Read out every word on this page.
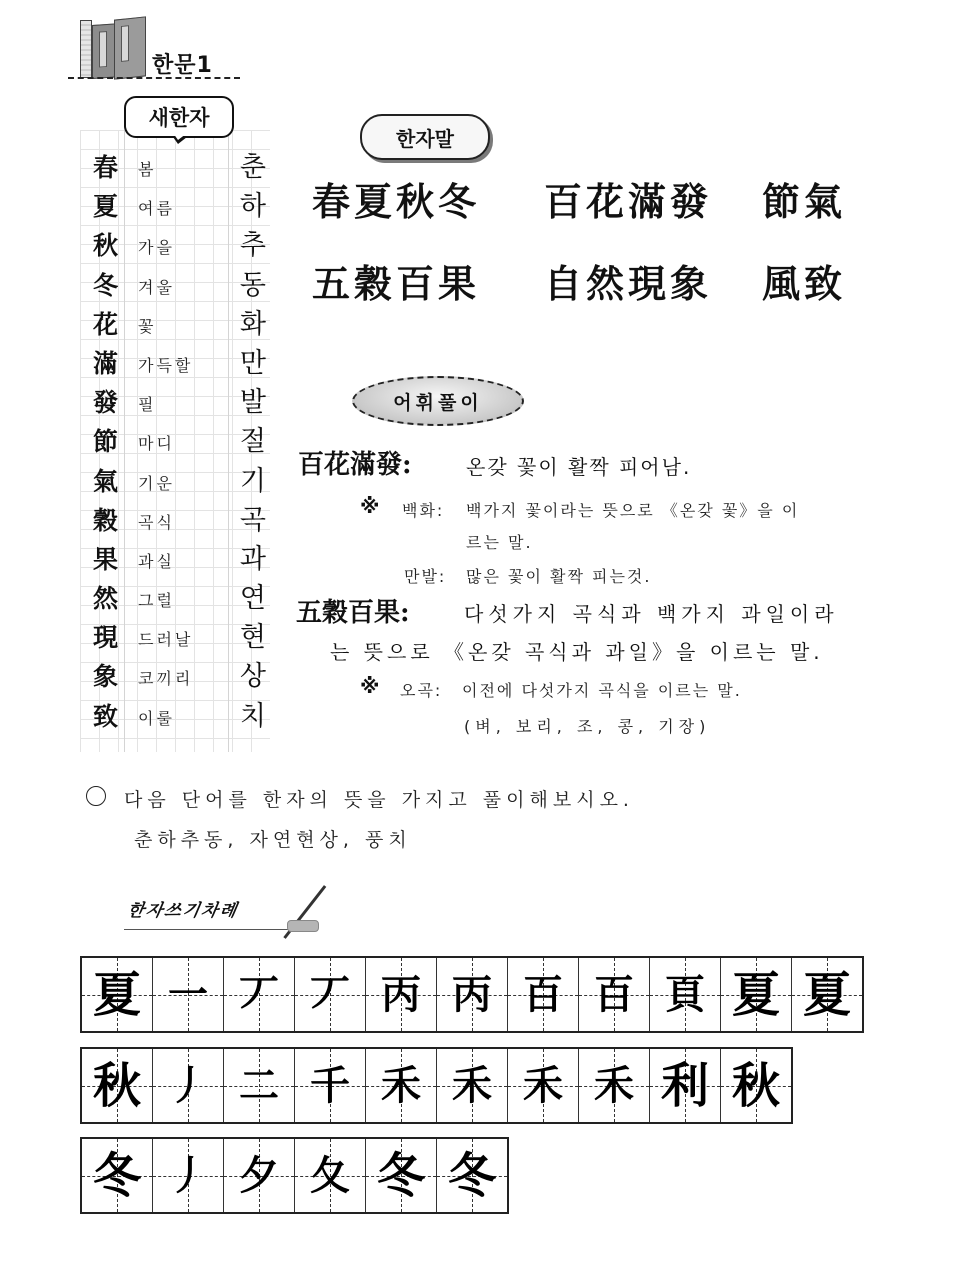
한문1
새한자
春 봄	춘
夏 여름 하
秋 가을 추
冬 겨울 동
花 꽃	화
滿 가득할 만
發 필	발
節 마디 절
氣 기운 기
穀 곡식 곡
果 과실 과
然 그럴 연
現 드러날 현
象 코끼리 상
致 이룰 치
한자말
春夏秋冬 百花滿發 節氣
五穀百果 自然現象 風致
어휘풀이
百花滿發:	온갖 꽃이 활짝 피어남.
※ 백화: 백가지 꽃이라는 뜻으로 《온갖 꽃》을 이
르는 말.
만발: 많은 꽃이 활짝 피는것.
五穀百果:	다섯가지 곡식과 백가지 과일이라
는 뜻으로 《온갖 곡식과 과일》을 이르는 말.
※ 오곡: 이전에 다섯가지 곡식을 이르는 말.
(벼, 보리, 조, 콩, 기장)
다음 단어를 한자의 뜻을 가지고 풀이해보시오.
춘하추동, 자연현상, 풍치
한자쓰기차례
夏 一 丆 丆 丙 丙 百 百 頁 夏 夏
秋 丿 二 千 禾 禾 禾 禾 利 秋
冬 丿 夕 夂 冬 冬
